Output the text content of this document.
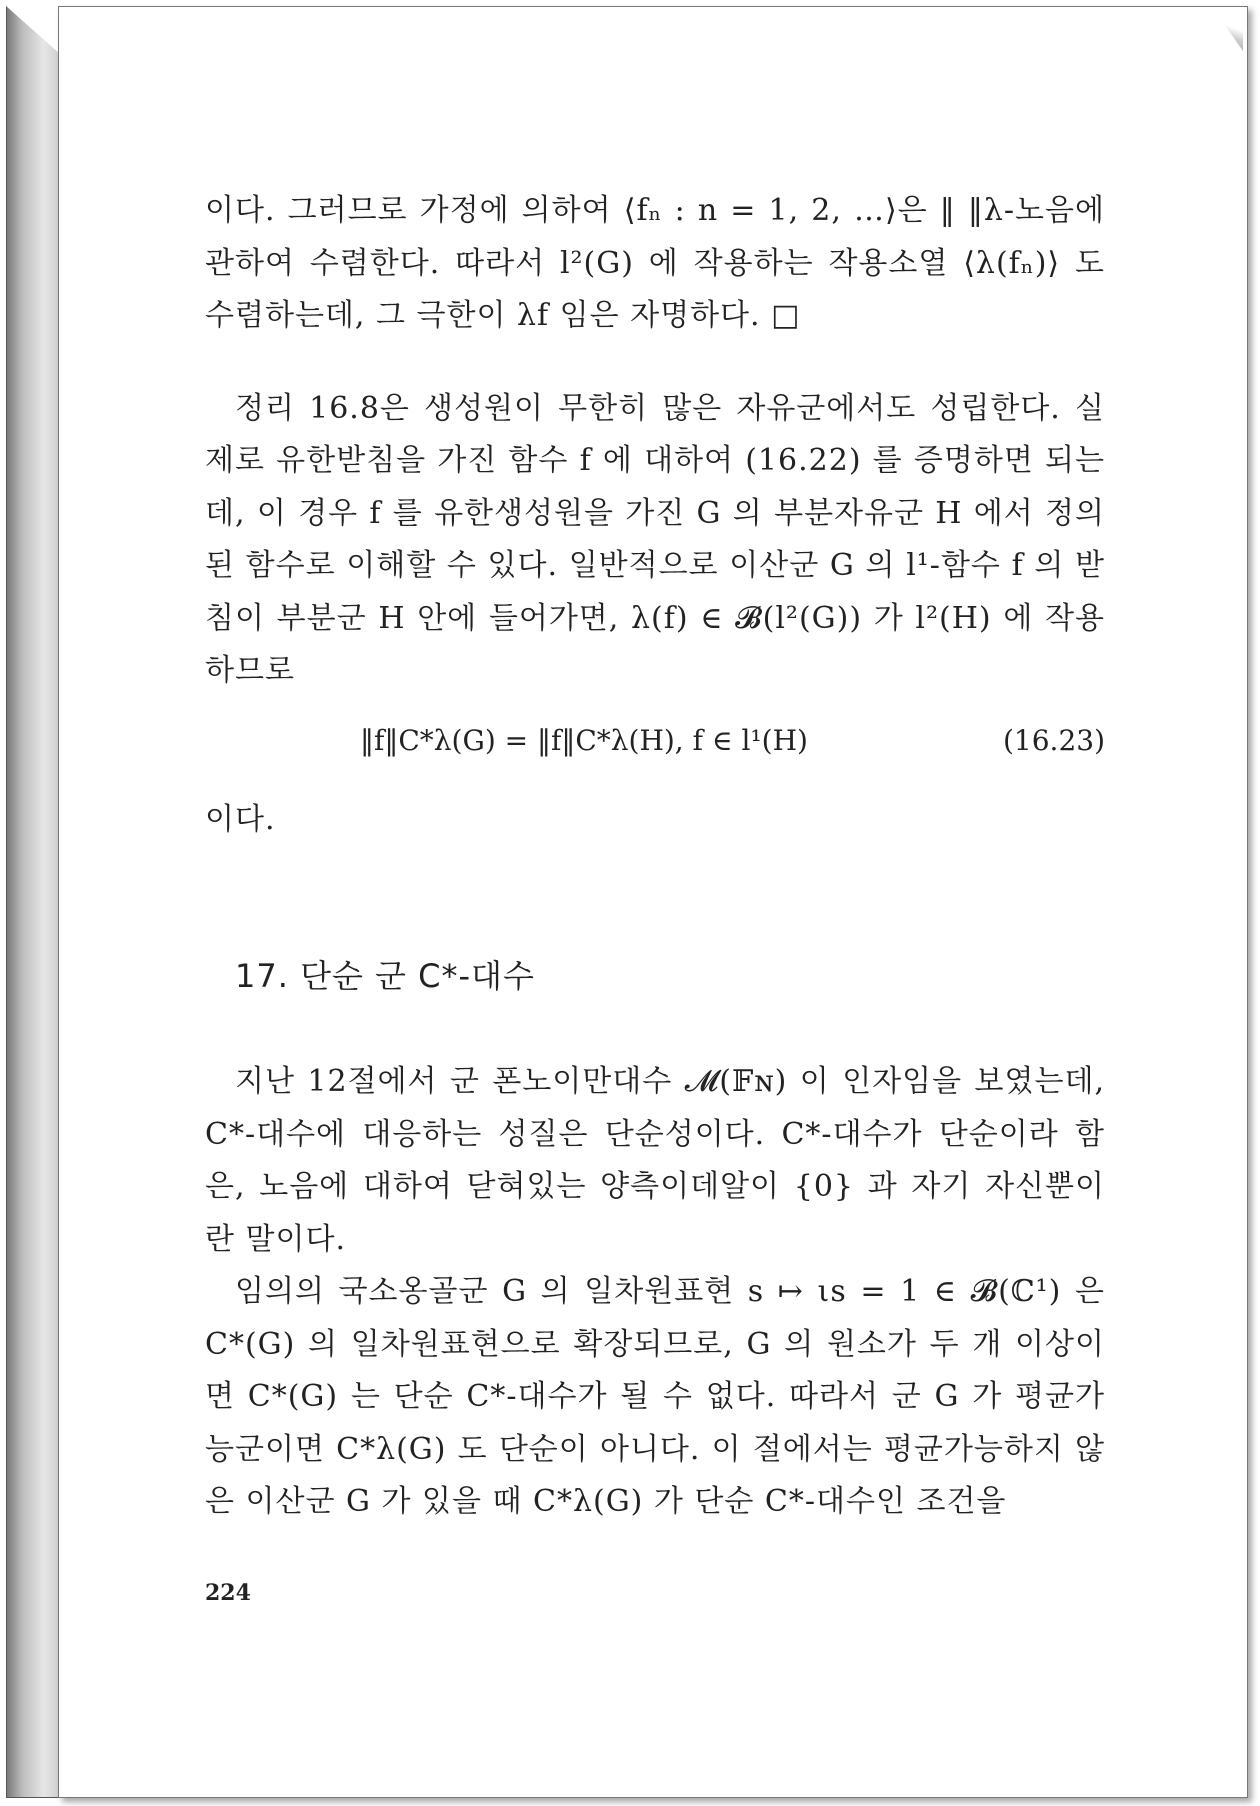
이다. 그러므로 가정에 의하여 ⟨fₙ : n = 1, 2, …⟩은 ‖ ‖λ-노음에 관하여 수렴한다. 따라서 l²(G) 에 작용하는 작용소열 ⟨λ(fₙ)⟩ 도 수렴하는데, 그 극한이 λf 임은 자명하다. □

정리 16.8은 생성원이 무한히 많은 자유군에서도 성립한다. 실제로 유한받침을 가진 함수 f 에 대하여 (16.22) 를 증명하면 되는데, 이 경우 f 를 유한생성원을 가진 G 의 부분자유군 H 에서 정의된 함수로 이해할 수 있다. 일반적으로 이산군 G 의 l¹-함수 f 의 받침이 부분군 H 안에 들어가면, λ(f) ∈ 𝓑(l²(G)) 가 l²(H) 에 작용하므로

‖f‖C*λ(G) = ‖f‖C*λ(H), f ∈ l¹(H)	(16.23)

이다.

17. 단순 군 C*-대수

지난 12절에서 군 폰노이만대수 𝓜(𝔽ɴ) 이 인자임을 보였는데, C*-대수에 대응하는 성질은 단순성이다. C*-대수가 단순이라 함은, 노음에 대하여 닫혀있는 양측이데알이 {0} 과 자기 자신뿐이란 말이다.

임의의 국소옹골군 G 의 일차원표현 s ↦ ιs = 1 ∈ 𝓑(ℂ¹) 은 C*(G) 의 일차원표현으로 확장되므로, G 의 원소가 두 개 이상이면 C*(G) 는 단순 C*-대수가 될 수 없다. 따라서 군 G 가 평균가능군이면 C*λ(G) 도 단순이 아니다. 이 절에서는 평균가능하지 않은 이산군 G 가 있을 때 C*λ(G) 가 단순 C*-대수인 조건을

224
